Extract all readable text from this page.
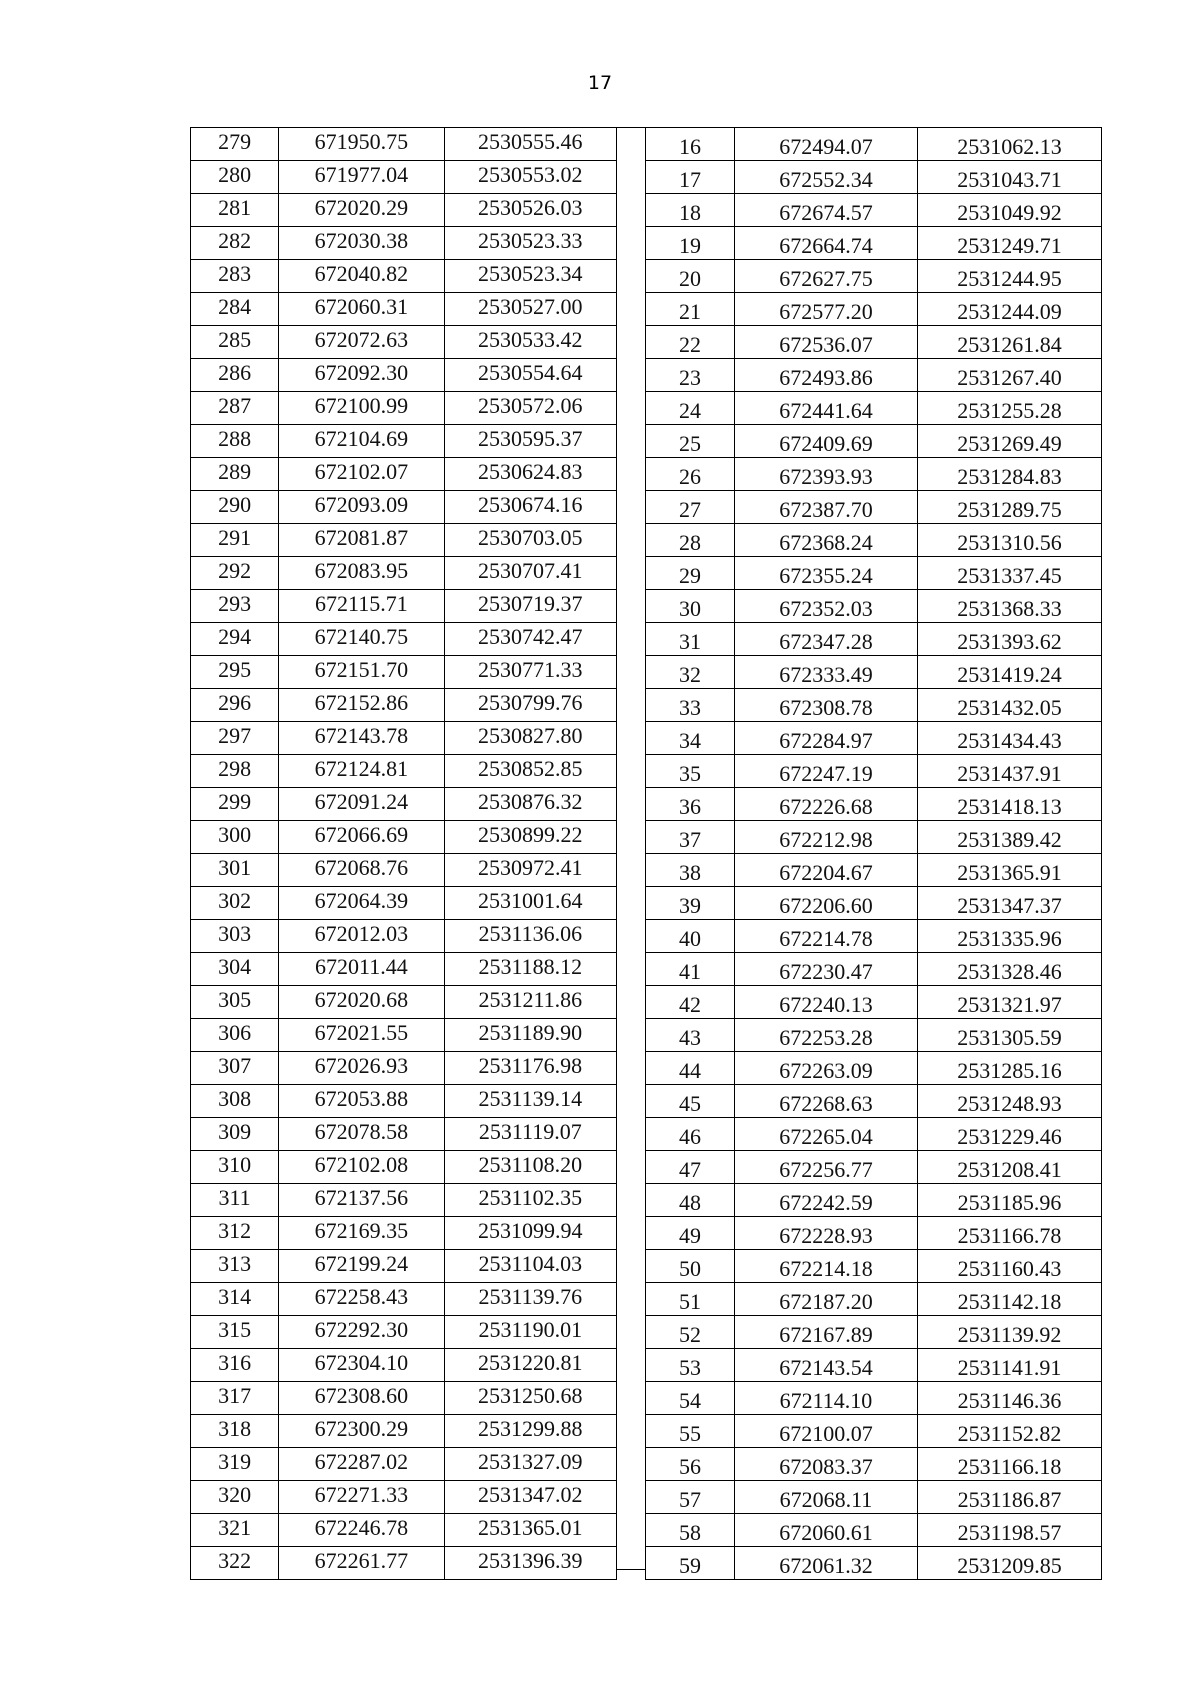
17
279	671950.75	2530555.46
280	671977.04	2530553.02
281	672020.29	2530526.03
282	672030.38	2530523.33
283	672040.82	2530523.34
284	672060.31	2530527.00
285	672072.63	2530533.42
286	672092.30	2530554.64
287	672100.99	2530572.06
288	672104.69	2530595.37
289	672102.07	2530624.83
290	672093.09	2530674.16
291	672081.87	2530703.05
292	672083.95	2530707.41
293	672115.71	2530719.37
294	672140.75	2530742.47
295	672151.70	2530771.33
296	672152.86	2530799.76
297	672143.78	2530827.80
298	672124.81	2530852.85
299	672091.24	2530876.32
300	672066.69	2530899.22
301	672068.76	2530972.41
302	672064.39	2531001.64
303	672012.03	2531136.06
304	672011.44	2531188.12
305	672020.68	2531211.86
306	672021.55	2531189.90
307	672026.93	2531176.98
308	672053.88	2531139.14
309	672078.58	2531119.07
310	672102.08	2531108.20
311	672137.56	2531102.35
312	672169.35	2531099.94
313	672199.24	2531104.03
314	672258.43	2531139.76
315	672292.30	2531190.01
316	672304.10	2531220.81
317	672308.60	2531250.68
318	672300.29	2531299.88
319	672287.02	2531327.09
320	672271.33	2531347.02
321	672246.78	2531365.01
322	672261.77	2531396.39
16	672494.07	2531062.13
17	672552.34	2531043.71
18	672674.57	2531049.92
19	672664.74	2531249.71
20	672627.75	2531244.95
21	672577.20	2531244.09
22	672536.07	2531261.84
23	672493.86	2531267.40
24	672441.64	2531255.28
25	672409.69	2531269.49
26	672393.93	2531284.83
27	672387.70	2531289.75
28	672368.24	2531310.56
29	672355.24	2531337.45
30	672352.03	2531368.33
31	672347.28	2531393.62
32	672333.49	2531419.24
33	672308.78	2531432.05
34	672284.97	2531434.43
35	672247.19	2531437.91
36	672226.68	2531418.13
37	672212.98	2531389.42
38	672204.67	2531365.91
39	672206.60	2531347.37
40	672214.78	2531335.96
41	672230.47	2531328.46
42	672240.13	2531321.97
43	672253.28	2531305.59
44	672263.09	2531285.16
45	672268.63	2531248.93
46	672265.04	2531229.46
47	672256.77	2531208.41
48	672242.59	2531185.96
49	672228.93	2531166.78
50	672214.18	2531160.43
51	672187.20	2531142.18
52	672167.89	2531139.92
53	672143.54	2531141.91
54	672114.10	2531146.36
55	672100.07	2531152.82
56	672083.37	2531166.18
57	672068.11	2531186.87
58	672060.61	2531198.57
59	672061.32	2531209.85
